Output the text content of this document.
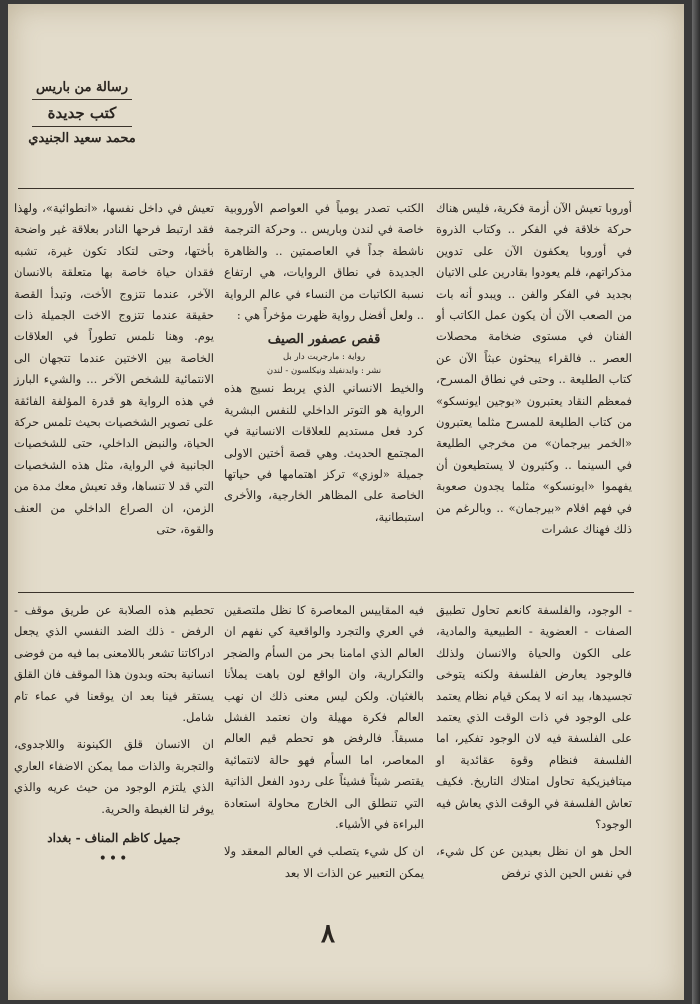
رسالة من باريس
كتب جديدة
محمد سعيد الجنيدي

أوروبا تعيش الآن أزمة فكرية، فليس هناك حركة خلاقة في الفكر .. وكتاب الذروة في أوروبا يعكفون الآن على تدوين مذكراتهم، فلم يعودوا بقادرين على الاتيان بجديد في الفكر والفن .. ويبدو أنه بات من الصعب الآن أن يكون عمل الكاتب أو الفنان في مستوى ضخامة محصلات العصر .. فالقراء يبحثون عبثاً الآن عن كتاب الطليعة .. وحتى في نطاق المسرح، فمعظم النقاد يعتبرون «بوجين ايونسكو» من كتاب الطليعة للمسرح مثلما يعتبرون «الخمر بيرجمان» من مخرجي الطليعة في السينما .. وكثيرون لا يستطيعون أن يفهموا «ايونسكو» مثلما يجدون صعوبة في فهم افلام «بيرجمان» .. وبالرغم من ذلك فهناك عشرات

الكتب تصدر يومياً في العواصم الأوروبية خاصة في لندن وباريس .. وحركة الترجمة ناشطة جداً في العاصمتين .. والظاهرة الجديدة في نطاق الروايات، هي ارتفاع نسبة الكاتبات من النساء في عالم الرواية .. ولعل أفضل رواية ظهرت مؤخراً هي :

قفص عصفور الصيف
رواية : مارجريت دار بل
نشر : وايدنفيلد ونيكلسون - لندن

والخيط الانساني الذي يربط نسيج هذه الرواية هو التوتر الداخلي للنفس البشرية كرد فعل مستديم للعلاقات الانسانية في المجتمع الحديث. وهي قصة أختين الاولى جميلة «لوزي» تركز اهتمامها في حياتها الخاصة على المظاهر الخارجية، والأخرى استبطانية،

تعيش في داخل نفسها، «انطوائية»، ولهذا فقد ارتبط فرحها النادر بعلاقة غير واضحة بأختها، وحتى لتكاد تكون غيرة، تشبه فقدان حياة خاصة بها متعلقة بالانسان الآخر، عندما تتزوج الأخت، وتبدأ القصة حقيقة عندما تتزوج الاخت الجميلة ذات يوم. وهنا نلمس تطوراً في العلاقات الخاصة بين الاختين عندما تتجهان الى الانتمائية للشخص الآخر ... والشيء البارز في هذه الرواية هو قدرة المؤلفة الفائقة على تصوير الشخصيات بحيث تلمس حركة الحياة، والنبض الداخلي، حتى للشخصيات الجانبية في الرواية، مثل هذه الشخصيات التي قد لا تنساها، وقد تعيش معك مدة من الزمن، ان الصراع الداخلي من العنف والقوة، حتى

- الوجود، والفلسفة كانعم تحاول تطبيق الصفات - العضوية - الطبيعية والمادية، على الكون والحياة والانسان ولذلك فالوجود يعارض الفلسفة ولكنه يتوخى تجسيدها، بيد انه لا يمكن قيام نظام يعتمد على الوجود في ذات الوقت الذي يعتمد على الفلسفة فيه لان الوجود تفكير، اما الفلسفة فنظام وقوة عقائدية او ميتافيزيكية تحاول امتلاك التاريخ. فكيف تعاش الفلسفة في الوقت الذي يعاش فيه الوجود؟

الحل هو ان نظل بعيدين عن كل شيء، في نفس الحين الذي نرفض

فيه المقاييس المعاصرة كا نظل ملتصقين في العري والتجرد والواقعية كي نفهم ان العالم الذي امامنا بحر من السأم والضجر والتكرارية، وان الواقع لون باهت يملأنا بالغثيان. ولكن ليس معنى ذلك ان نهب العالم فكرة مهيلة وان نعتمد الفشل مسبقاً. فالرفض هو تحطم قيم العالم المعاصر، اما السأم فهو حالة لانتمائية يقتصر شيئاً فشيئاً على ردود الفعل الذاتية التي تنطلق الى الخارج محاولة استعادة البراءة في الأشياء.

ان كل شيء يتصلب في العالم المعقد ولا يمكن التعبير عن الذات الا بعد

تحطيم هذه الصلابة عن طريق موقف - الرفض - ذلك الضد النفسي الذي يجعل ادراكاتنا تشعر باللامعنى بما فيه من فوضى انسانية بحته وبدون هذا الموقف فان القلق يستقر فينا بعد ان يوقعنا في عماء تام شامل.

ان الانسان قلق الكينونة واللاجدوى، والتجربة والذات مما يمكن الاضفاء العاري الذي يلتزم الوجود من حيث عريه والذي يوفر لنا الغبطة والحرية.

جميل كاظم المناف - بغداد
•••
٨
